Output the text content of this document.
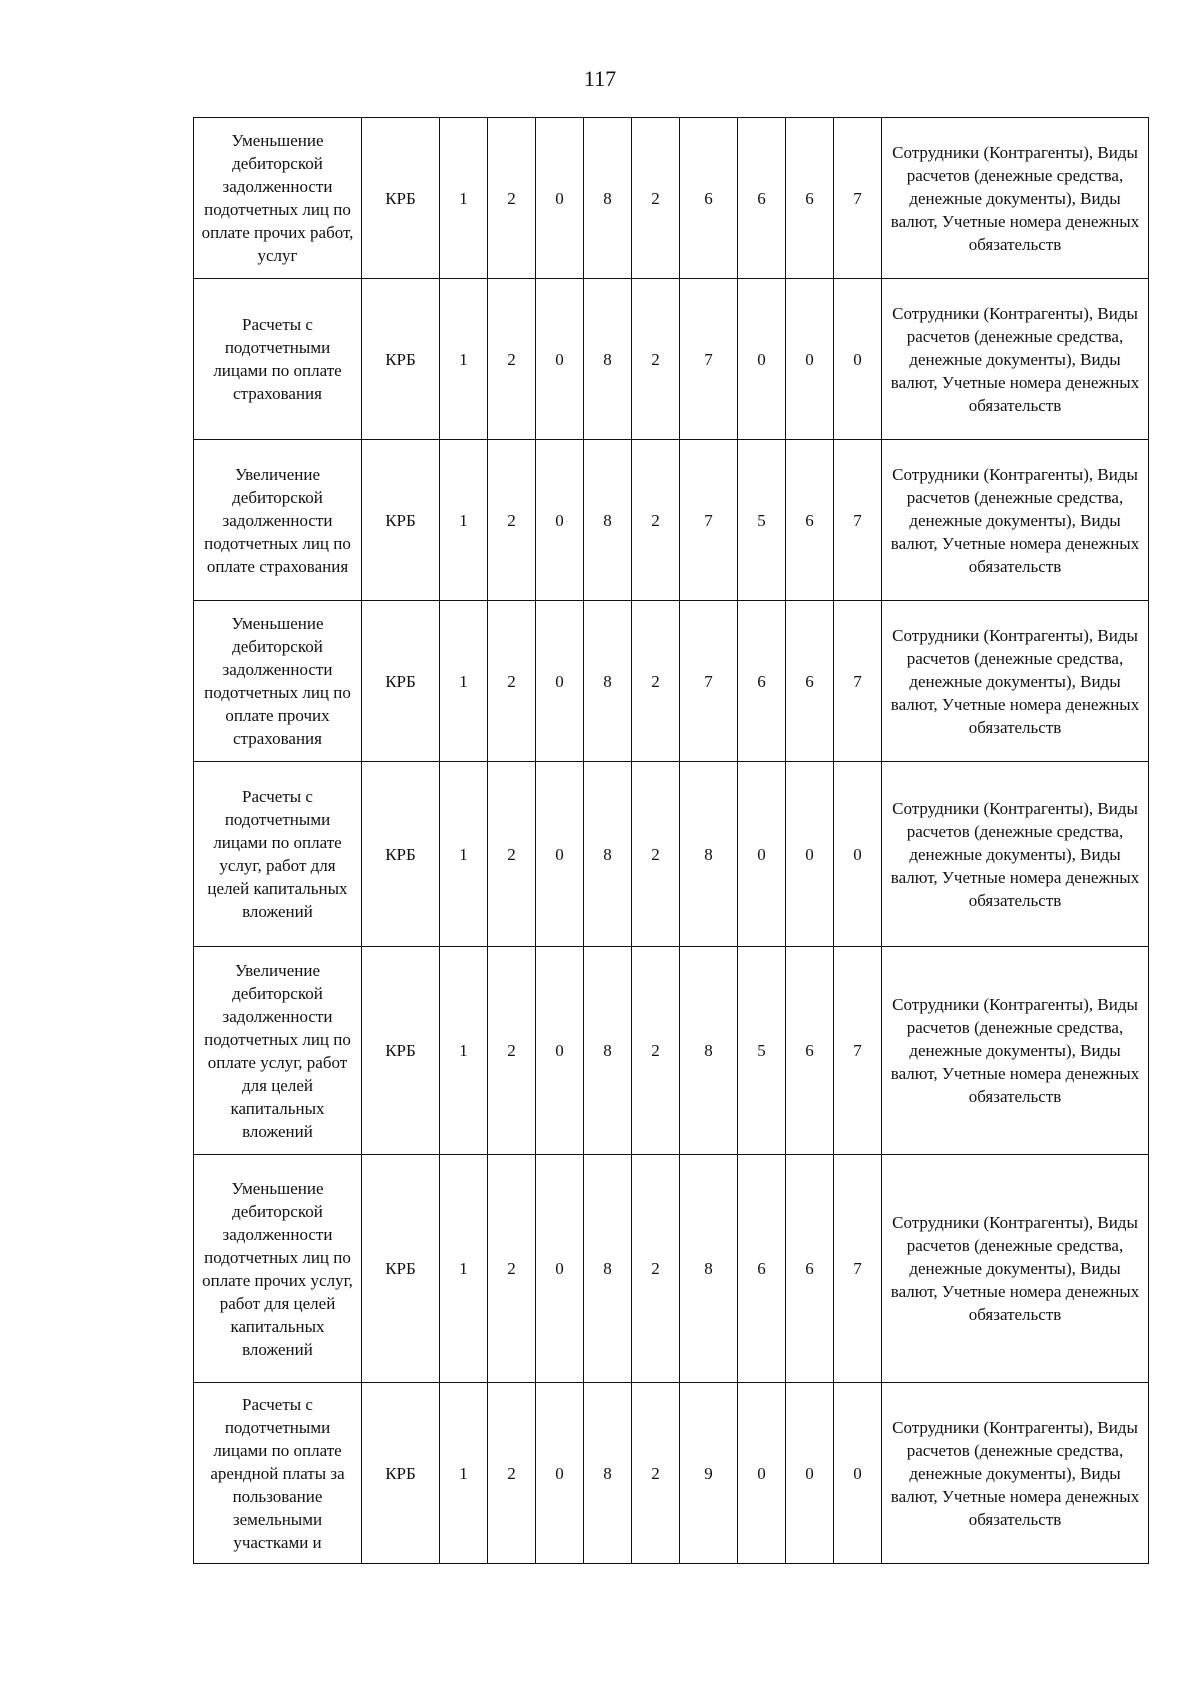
117
Уменьшение дебиторской задолженности подотчетных лиц по оплате прочих работ, услуг	КРБ	1	2	0	8	2	6	6	6	7	Сотрудники (Контрагенты), Виды расчетов (денежные средства, денежные документы), Виды валют, Учетные номера денежных обязательств
Расчеты с подотчетными лицами по оплате страхования	КРБ	1	2	0	8	2	7	0	0	0	Сотрудники (Контрагенты), Виды расчетов (денежные средства, денежные документы), Виды валют, Учетные номера денежных обязательств
Увеличение дебиторской задолженности подотчетных лиц по оплате страхования	КРБ	1	2	0	8	2	7	5	6	7	Сотрудники (Контрагенты), Виды расчетов (денежные средства, денежные документы), Виды валют, Учетные номера денежных обязательств
Уменьшение дебиторской задолженности подотчетных лиц по оплате прочих страхования	КРБ	1	2	0	8	2	7	6	6	7	Сотрудники (Контрагенты), Виды расчетов (денежные средства, денежные документы), Виды валют, Учетные номера денежных обязательств
Расчеты с подотчетными лицами по оплате услуг, работ для целей капитальных вложений	КРБ	1	2	0	8	2	8	0	0	0	Сотрудники (Контрагенты), Виды расчетов (денежные средства, денежные документы), Виды валют, Учетные номера денежных обязательств
Увеличение дебиторской задолженности подотчетных лиц по оплате услуг, работ для целей капитальных вложений	КРБ	1	2	0	8	2	8	5	6	7	Сотрудники (Контрагенты), Виды расчетов (денежные средства, денежные документы), Виды валют, Учетные номера денежных обязательств
Уменьшение дебиторской задолженности подотчетных лиц по оплате прочих услуг, работ для целей капитальных вложений	КРБ	1	2	0	8	2	8	6	6	7	Сотрудники (Контрагенты), Виды расчетов (денежные средства, денежные документы), Виды валют, Учетные номера денежных обязательств
Расчеты с подотчетными лицами по оплате арендной платы за пользование земельными участками и	КРБ	1	2	0	8	2	9	0	0	0	Сотрудники (Контрагенты), Виды расчетов (денежные средства, денежные документы), Виды валют, Учетные номера денежных обязательств
